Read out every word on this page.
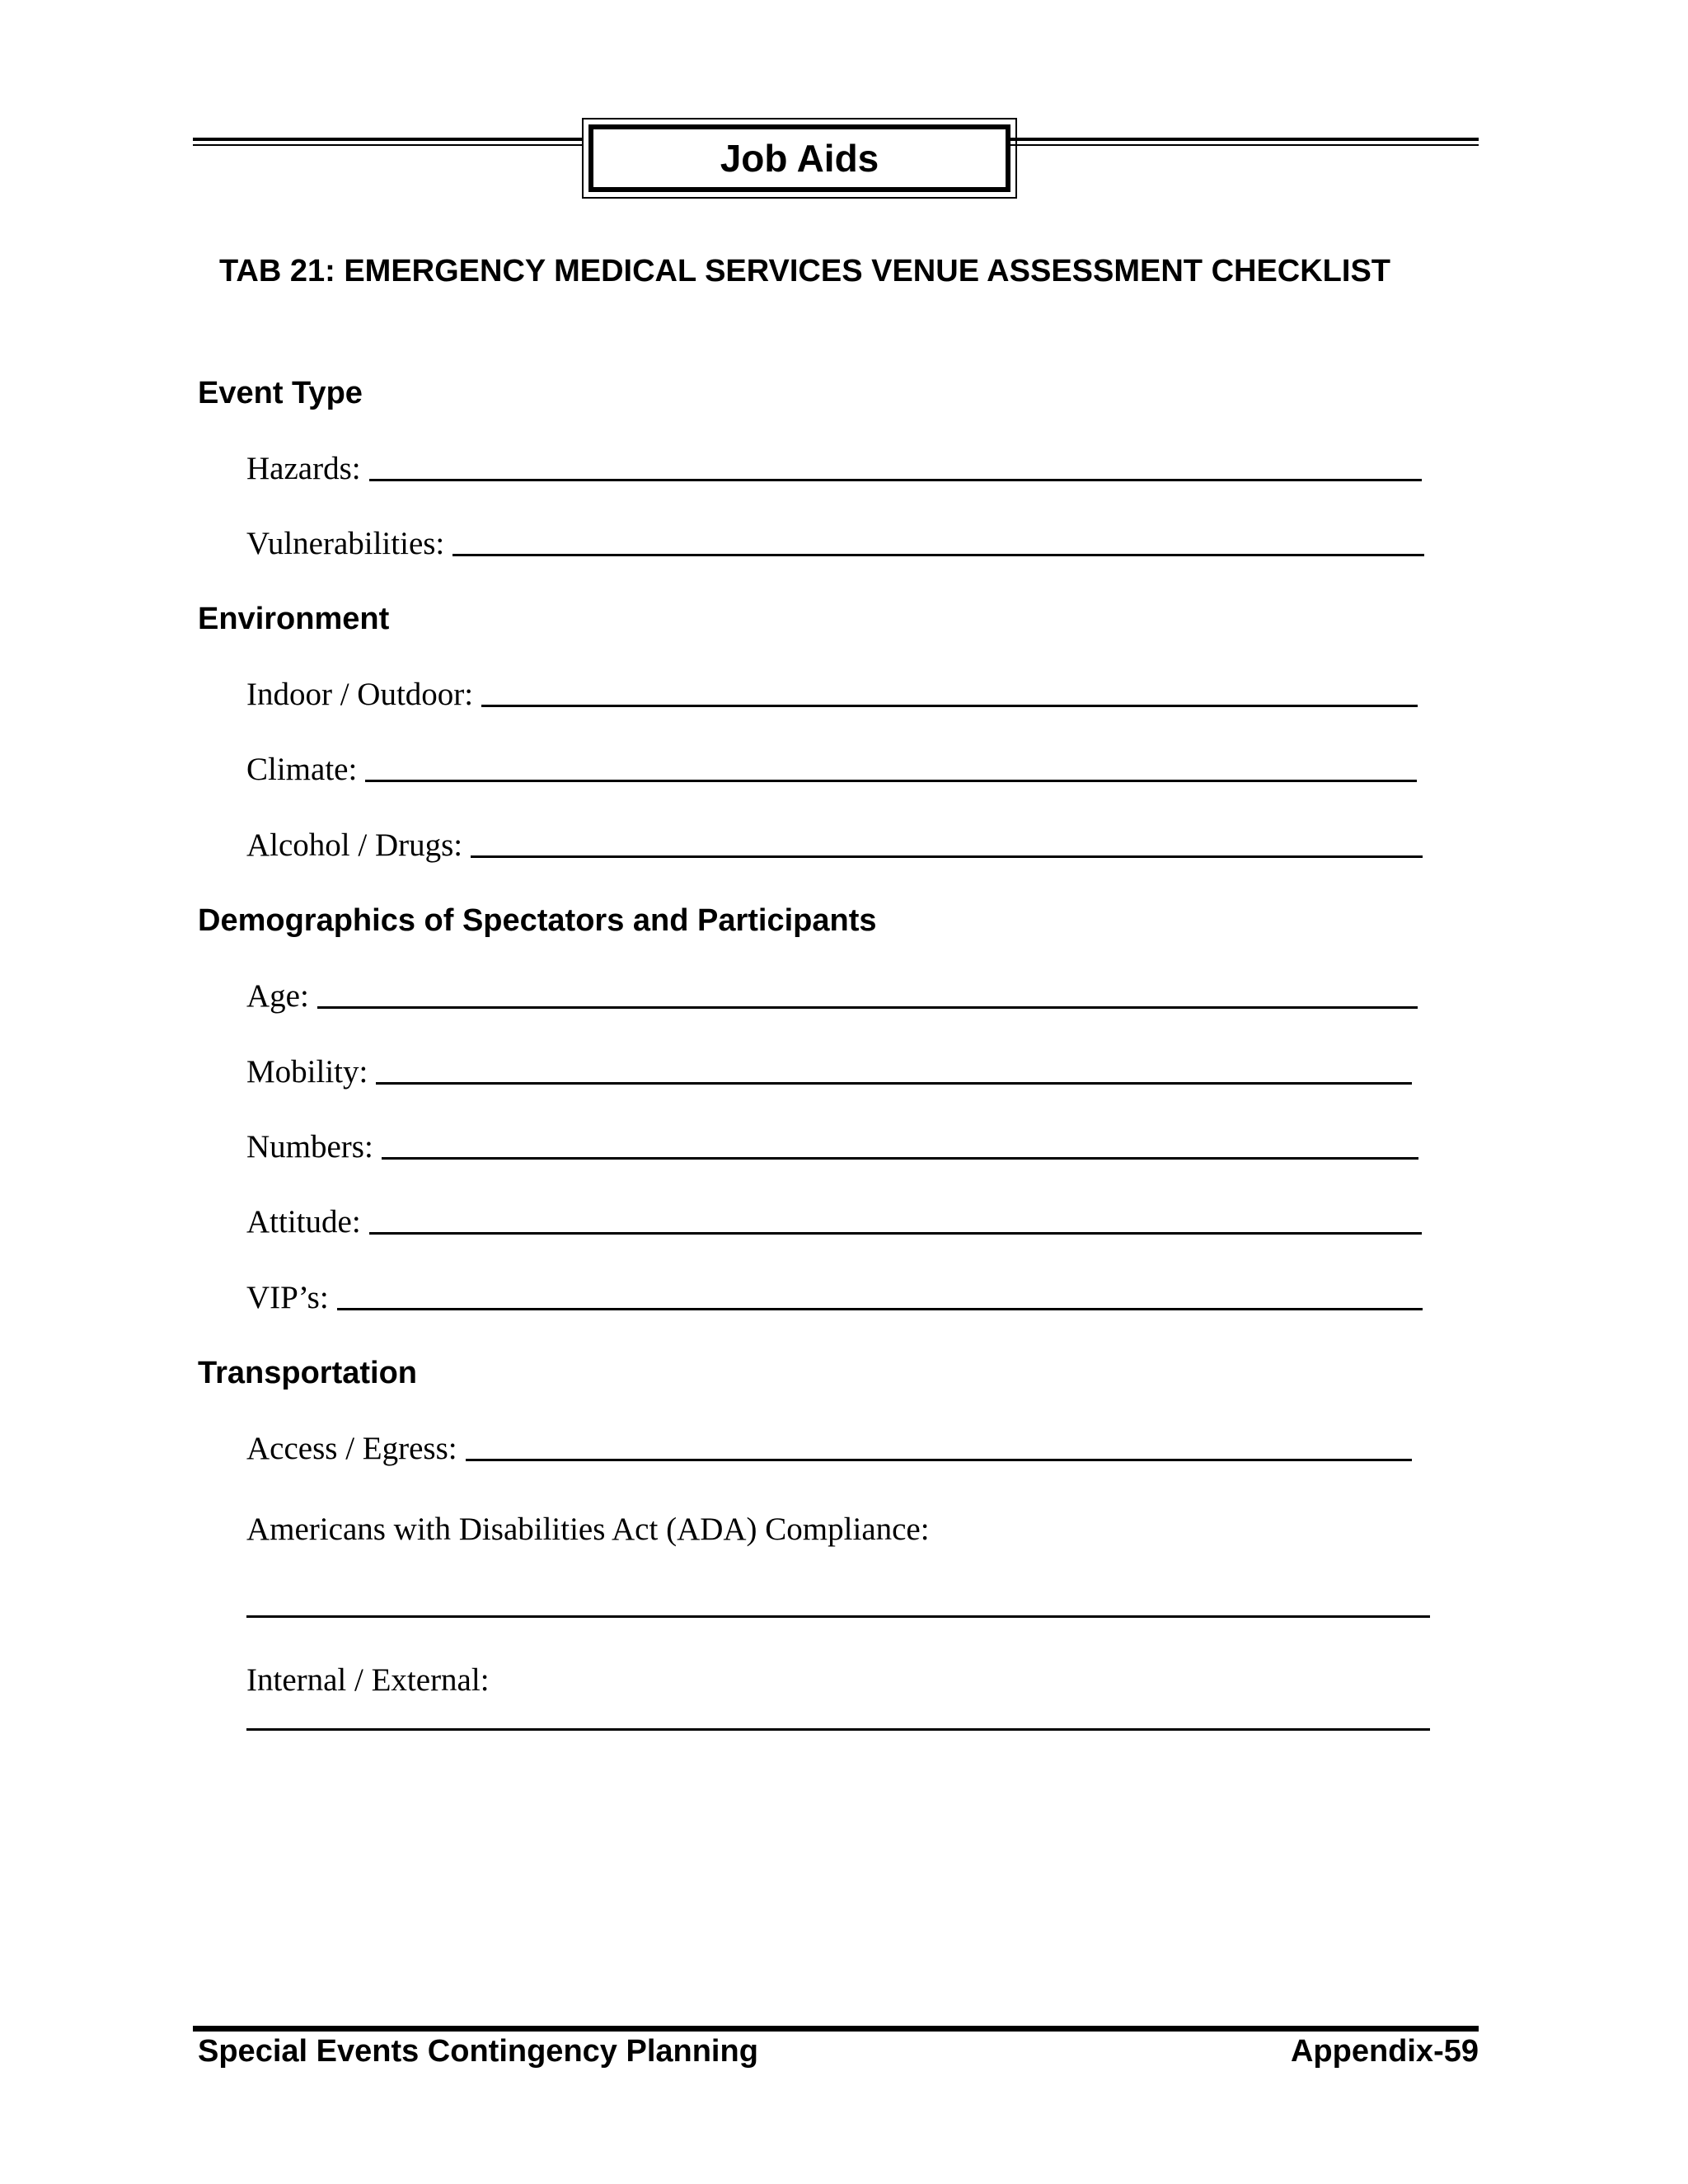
Job Aids
TAB 21: EMERGENCY MEDICAL SERVICES VENUE ASSESSMENT CHECKLIST
Event Type
Hazards:
Vulnerabilities:
Environment
Indoor / Outdoor:
Climate:
Alcohol / Drugs:
Demographics of Spectators and Participants
Age:
Mobility:
Numbers:
Attitude:
VIP’s:
Transportation
Access / Egress:
Americans with Disabilities Act (ADA) Compliance:
Internal / External:
Special Events Contingency Planning	Appendix-59
